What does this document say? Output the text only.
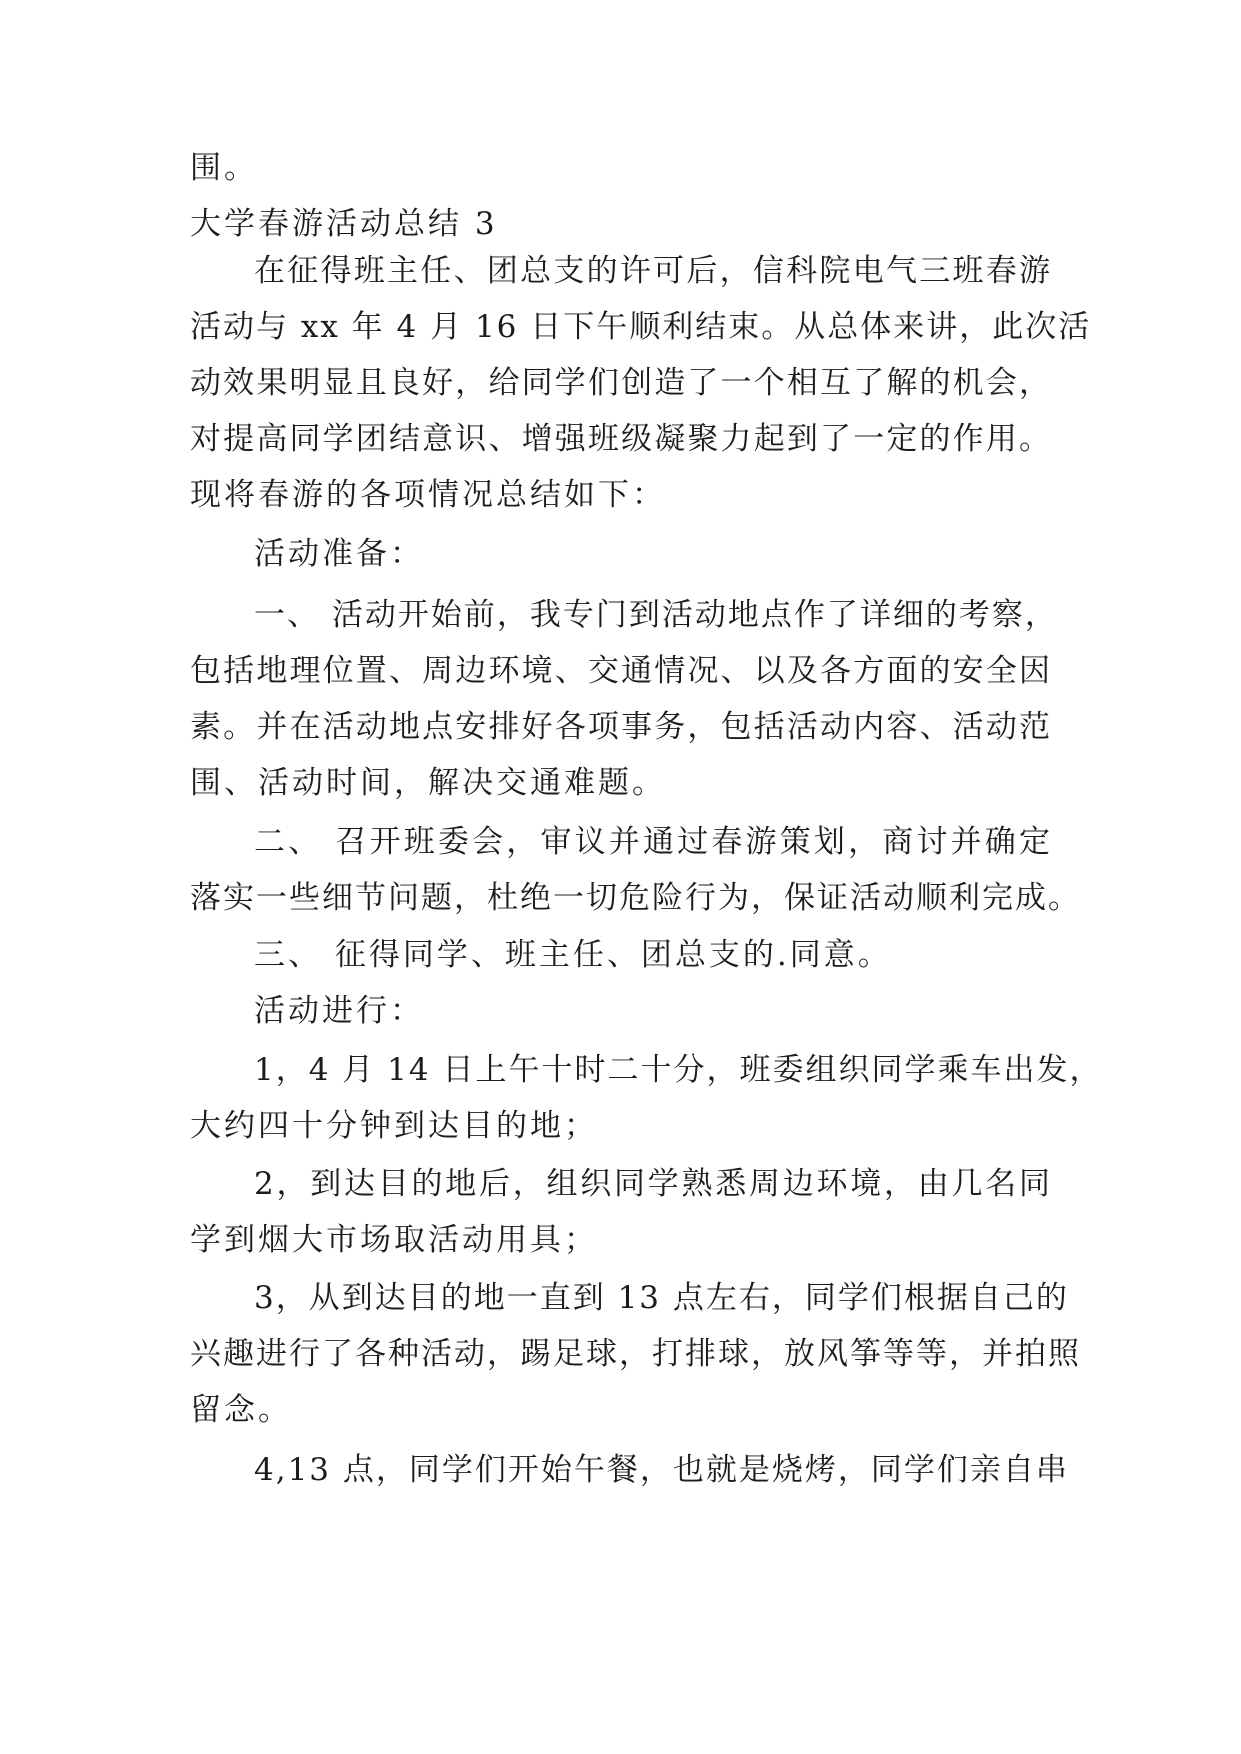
围。

大学春游活动总结 3

在征得班主任、团总支的许可后，信科院电气三班春游

活动与 xx 年 4 月 16 日下午顺利结束。从总体来讲，此次活

动效果明显且良好，给同学们创造了一个相互了解的机会，

对提高同学团结意识、增强班级凝聚力起到了一定的作用。

现将春游的各项情况总结如下：

活动准备：

一、 活动开始前，我专门到活动地点作了详细的考察，

包括地理位置、周边环境、交通情况、以及各方面的安全因

素。并在活动地点安排好各项事务，包括活动内容、活动范

围、活动时间，解决交通难题。

二、 召开班委会，审议并通过春游策划，商讨并确定

落实一些细节问题，杜绝一切危险行为，保证活动顺利完成。

三、 征得同学、班主任、团总支的.同意。

活动进行：

1，4 月 14 日上午十时二十分，班委组织同学乘车出发，

大约四十分钟到达目的地；

2，到达目的地后，组织同学熟悉周边环境，由几名同

学到烟大市场取活动用具；

3，从到达目的地一直到 13 点左右，同学们根据自己的

兴趣进行了各种活动，踢足球，打排球，放风筝等等，并拍照

留念。

4,13 点，同学们开始午餐，也就是烧烤，同学们亲自串
